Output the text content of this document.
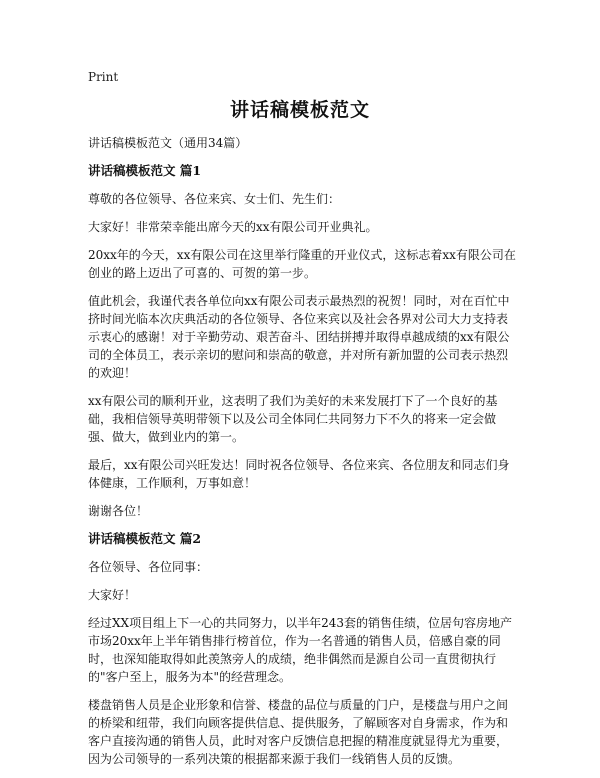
Print
讲话稿模板范文

讲话稿模板范文（通用34篇）

讲话稿模板范文 篇1

尊敬的各位领导、各位来宾、女士们、先生们：

大家好！非常荣幸能出席今天的xx有限公司开业典礼。

20xx年的今天，xx有限公司在这里举行隆重的开业仪式，这标志着xx有限公司在创业的路上迈出了可喜的、可贺的第一步。

值此机会，我谨代表各单位向xx有限公司表示最热烈的祝贺！同时，对在百忙中挤时间光临本次庆典活动的各位领导、各位来宾以及社会各界对公司大力支持表示衷心的感谢！对于辛勤劳动、艰苦奋斗、团结拼搏并取得卓越成绩的xx有限公司的全体员工，表示亲切的慰问和崇高的敬意，并对所有新加盟的公司表示热烈的欢迎！

xx有限公司的顺利开业，这表明了我们为美好的未来发展打下了一个良好的基础，我相信领导英明带领下以及公司全体同仁共同努力下不久的将来一定会做强、做大，做到业内的第一。

最后，xx有限公司兴旺发达！同时祝各位领导、各位来宾、各位朋友和同志们身体健康，工作顺利，万事如意！

谢谢各位！

讲话稿模板范文 篇2

各位领导、各位同事：

大家好！

经过XX项目组上下一心的共同努力，以半年243套的销售佳绩，位居句容房地产市场20xx年上半年销售排行榜首位，作为一名普通的销售人员，倍感自豪的同时，也深知能取得如此羡煞旁人的成绩，绝非偶然而是源自公司一直贯彻执行的"客户至上，服务为本"的经营理念。

楼盘销售人员是企业形象和信誉、楼盘的品位与质量的门户，是楼盘与用户之间的桥梁和纽带，我们向顾客提供信息、提供服务，了解顾客对自身需求，作为和客户直接沟通的销售人员，此时对客户反馈信息把握的精准度就显得尤为重要，因为公司领导的一系列决策的根据都来源于我们一线销售人员的反馈。
